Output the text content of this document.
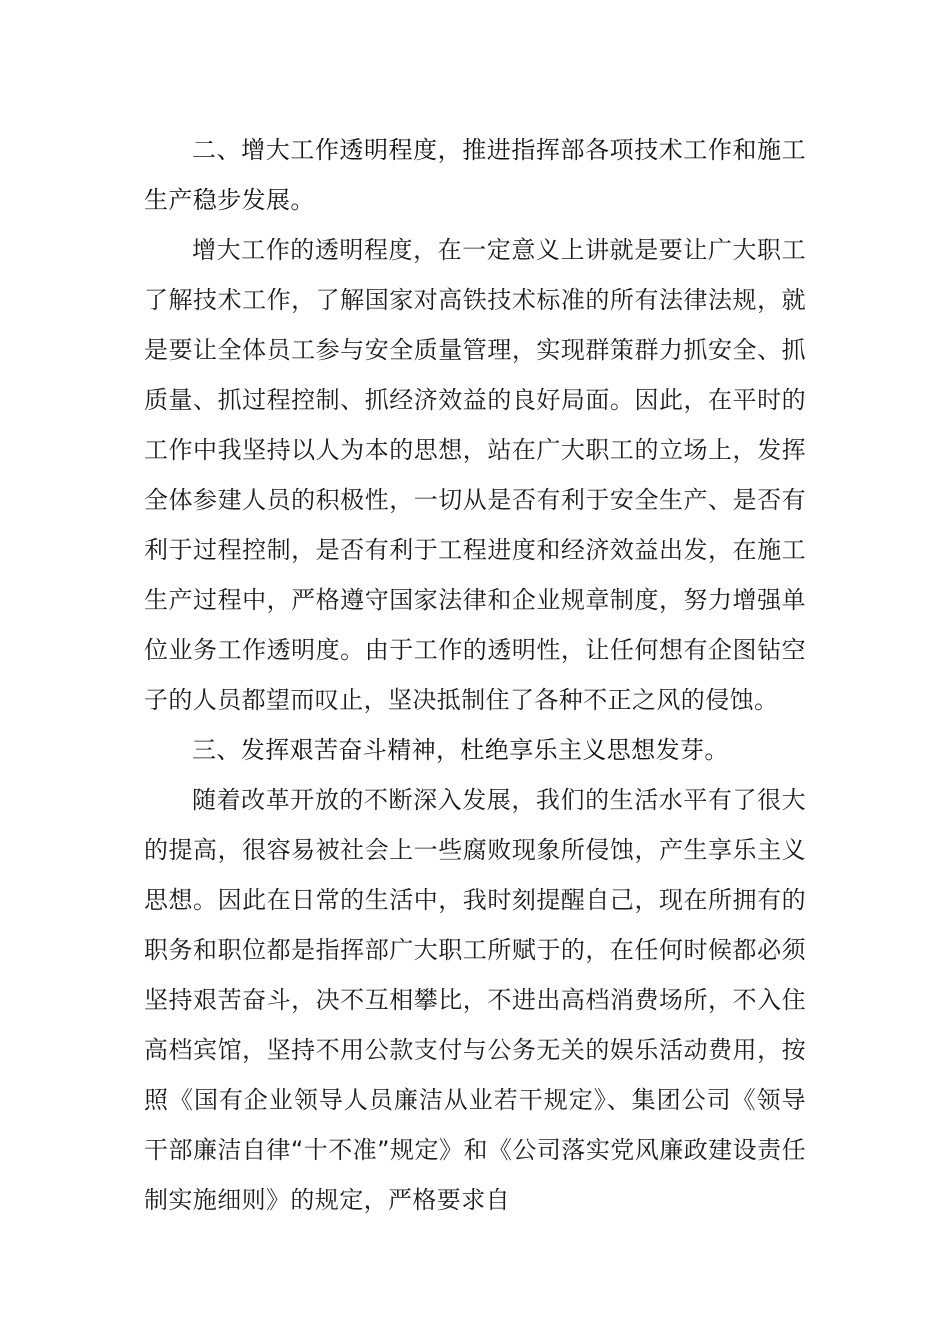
二、增大工作透明程度，推进指挥部各项技术工作和施工生产稳步发展。

增大工作的透明程度，在一定意义上讲就是要让广大职工了解技术工作，了解国家对高铁技术标准的所有法律法规，就是要让全体员工参与安全质量管理，实现群策群力抓安全、抓质量、抓过程控制、抓经济效益的良好局面。因此，在平时的工作中我坚持以人为本的思想，站在广大职工的立场上，发挥全体参建人员的积极性，一切从是否有利于安全生产、是否有利于过程控制，是否有利于工程进度和经济效益出发，在施工生产过程中，严格遵守国家法律和企业规章制度，努力增强单位业务工作透明度。由于工作的透明性，让任何想有企图钻空子的人员都望而叹止，坚决抵制住了各种不正之风的侵蚀。

三、发挥艰苦奋斗精神，杜绝享乐主义思想发芽。

随着改革开放的不断深入发展，我们的生活水平有了很大的提高，很容易被社会上一些腐败现象所侵蚀，产生享乐主义思想。因此在日常的生活中，我时刻提醒自己，现在所拥有的职务和职位都是指挥部广大职工所赋于的，在任何时候都必须坚持艰苦奋斗，决不互相攀比，不进出高档消费场所，不入住高档宾馆，坚持不用公款支付与公务无关的娱乐活动费用，按照《国有企业领导人员廉洁从业若干规定》、集团公司《领导干部廉洁自律“十不准”规定》和《公司落实党风廉政建设责任制实施细则》的规定，严格要求自
